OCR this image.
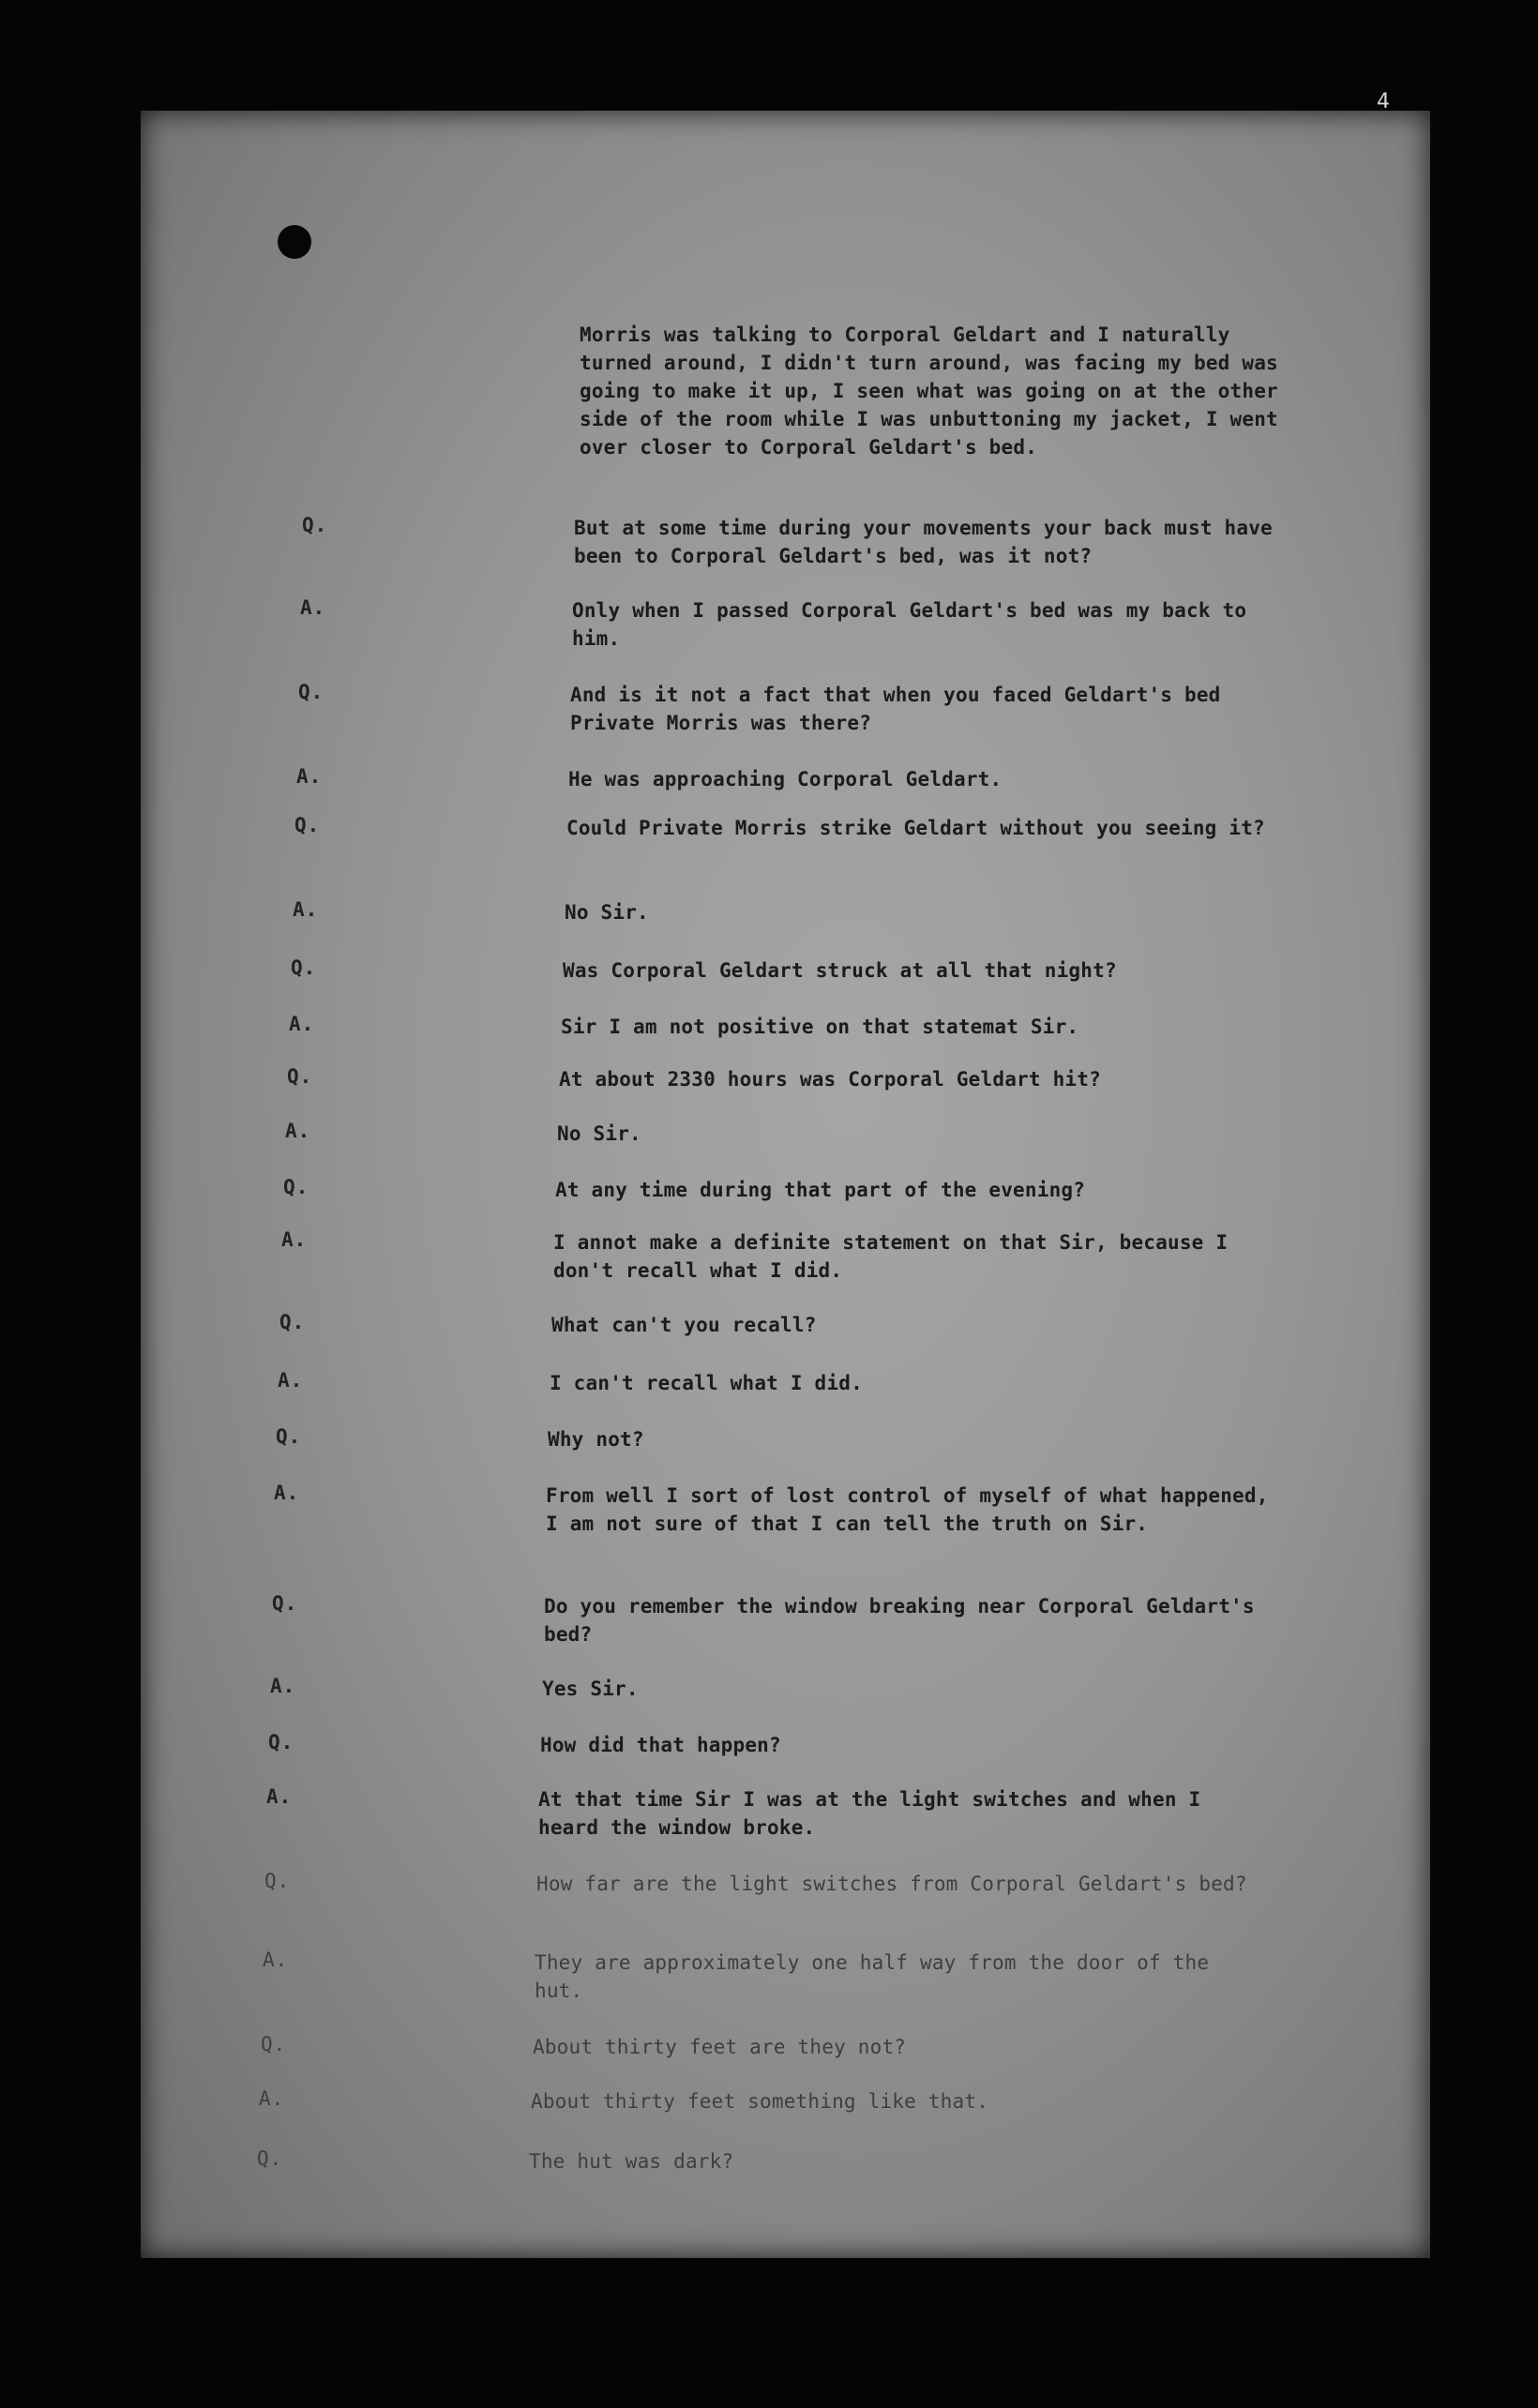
4
Morris was talking to Corporal Geldart and I naturally turned around, I didn't turn around, was facing my bed was going to make it up, I seen what was going on at the other side of the room while I was unbuttoning my jacket, I went over closer to Corporal Geldart's bed.
Q.	But at some time during your movements your back must have been to Corporal Geldart's bed, was it not?
A.	Only when I passed Corporal Geldart's bed was my back to him.
Q.	And is it not a fact that when you faced Geldart's bed Private Morris was there?
A.	He was approaching Corporal Geldart.
Q.	Could Private Morris strike Geldart without you seeing it?
A.	No Sir.
Q.	Was Corporal Geldart struck at all that night?
A.	Sir I am not positive on that statemat Sir.
Q.	At about 2330 hours was Corporal Geldart hit?
A.	No Sir.
Q.	At any time during that part of the evening?
A.	I annot make a definite statement on that Sir, because I don't recall what I did.
Q.	What can't you recall?
A.	I can't recall what I did.
Q.	Why not?
A.	From well I sort of lost control of myself of what happened, I am not sure of that I can tell the truth on Sir.
Q.	Do you remember the window breaking near Corporal Geldart's bed?
A.	Yes Sir.
Q.	How did that happen?
A.	At that time Sir I was at the light switches and when I heard the window broke.
Q.	How far are the light switches from Corporal Geldart's bed?
A.	They are approximately one half way from the door of the hut.
Q.	About thirty feet are they not?
A.	About thirty feet something like that.
Q.	The hut was dark?
